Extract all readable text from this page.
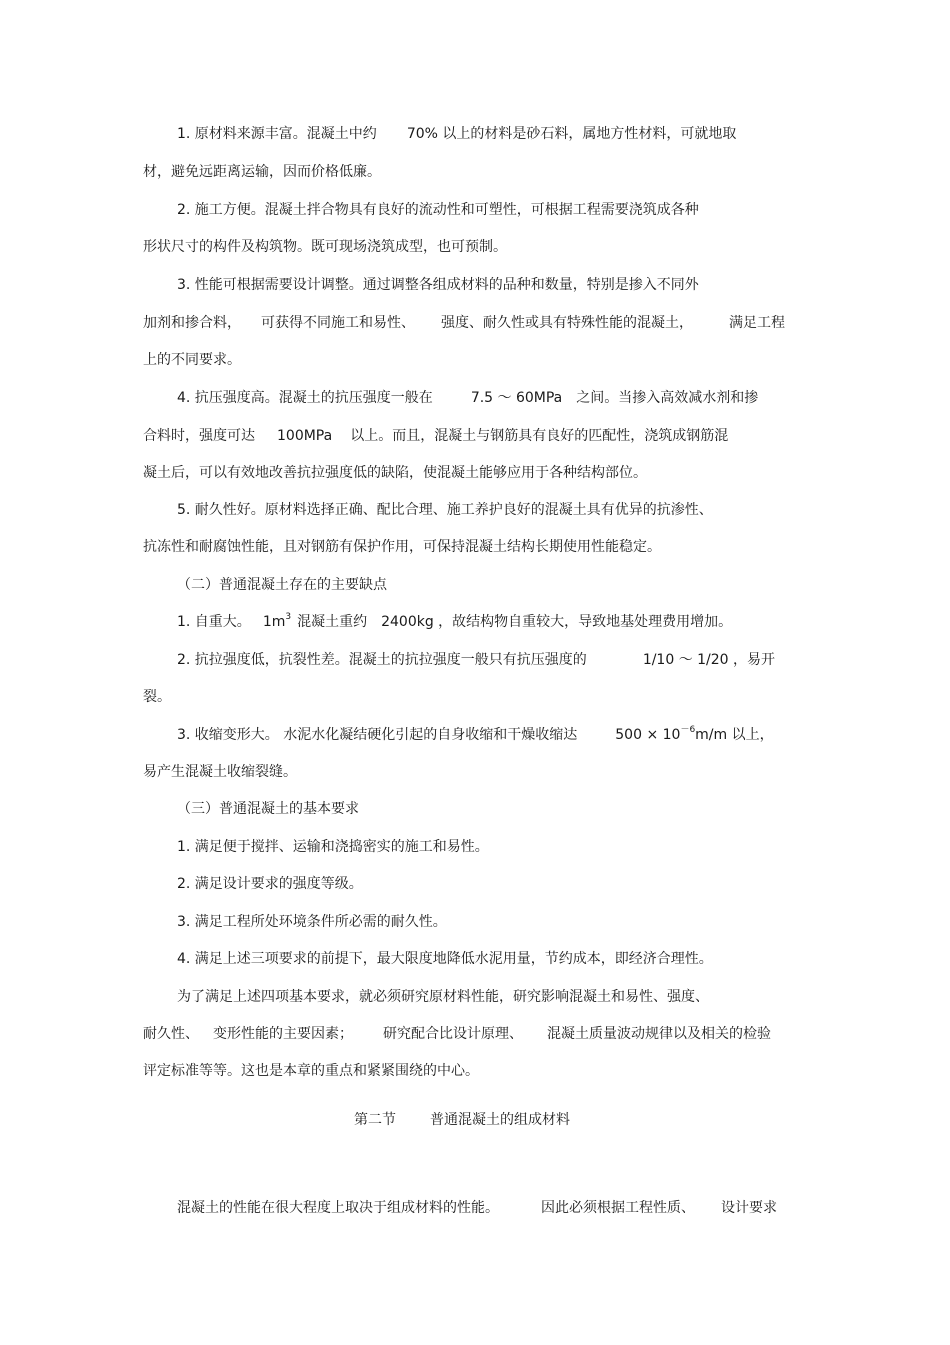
1. 原材料来源丰富。混凝土中约 70% 以上的材料是砂石料，属地方性材料，可就地取
材，避免远距离运输，因而价格低廉。
2. 施工方便。混凝土拌合物具有良好的流动性和可塑性，可根据工程需要浇筑成各种
形状尺寸的构件及构筑物。既可现场浇筑成型，也可预制。
3. 性能可根据需要设计调整。通过调整各组成材料的品种和数量，特别是掺入不同外
加剂和掺合料， 可获得不同施工和易性、 强度、耐久性或具有特殊性能的混凝土，	满足工程
上的不同要求。
4. 抗压强度高。混凝土的抗压强度一般在	7.5 ～ 60MPa 之间。当掺入高效减水剂和掺
合料时，强度可达 100MPa 以上。而且，混凝土与钢筋具有良好的匹配性，浇筑成钢筋混
凝土后，可以有效地改善抗拉强度低的缺陷，使混凝土能够应用于各种结构部位。
5. 耐久性好。原材料选择正确、配比合理、施工养护良好的混凝土具有优异的抗渗性、
抗冻性和耐腐蚀性能，且对钢筋有保护作用，可保持混凝土结构长期使用性能稳定。
（二）普通混凝土存在的主要缺点
1. 自重大。 $1m^3$ 混凝土重约 2400kg ，故结构物自重较大，导致地基处理费用增加。
2. 抗拉强度低，抗裂性差。混凝土的抗拉强度一般只有抗压强度的	1/10 ～ 1/20 ，易开
裂。
3. 收缩变形大。 水泥水化凝结硬化引起的自身收缩和干燥收缩达	$500 \times 10^{-6}m/m$ 以上，
易产生混凝土收缩裂缝。
（三）普通混凝土的基本要求
1. 满足便于搅拌、运输和浇捣密实的施工和易性。
2. 满足设计要求的强度等级。
3. 满足工程所处环境条件所必需的耐久性。
4. 满足上述三项要求的前提下，最大限度地降低水泥用量，节约成本，即经济合理性。
为了满足上述四项基本要求，就必须研究原材料性能，研究影响混凝土和易性、强度、
耐久性、 变形性能的主要因素； 研究配合比设计原理、 混凝土质量波动规律以及相关的检验
评定标准等等。这也是本章的重点和紧紧围绕的中心。
第二节 普通混凝土的组成材料
混凝土的性能在很大程度上取决于组成材料的性能。	因此必须根据工程性质、 设计要求
